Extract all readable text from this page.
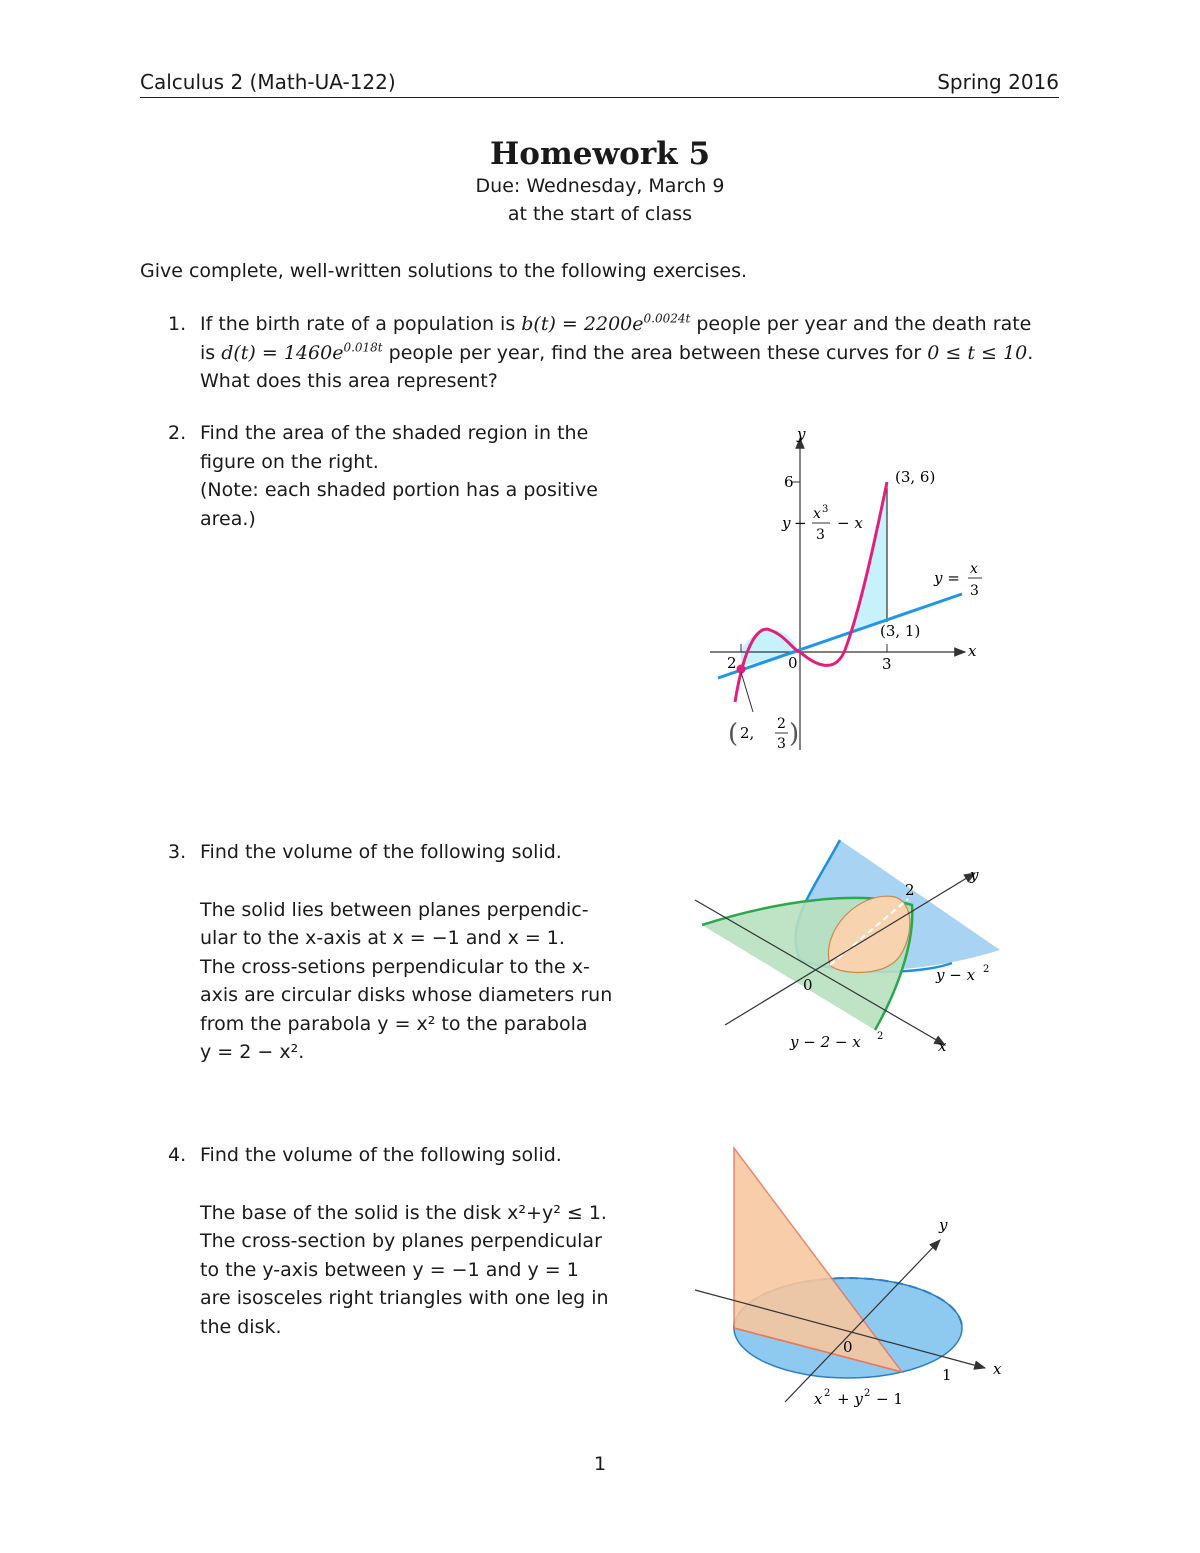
Calculus 2 (Math-UA-122)	Spring 2016
Homework 5
Due: Wednesday, March 9
at the start of class
Give complete, well-written solutions to the following exercises.
1. If the birth rate of a population is $b(t) = 2200e^{0.0024t}$ people per year and the death rate
is $d(t) = 1460e^{0.018t}$ people per year, find the area between these curves for 0 ≤ t ≤ 10.
What does this area represent?
2. Find the area of the shaded region in the
figure on the right.
(Note: each shaded portion has a positive
area.)
y
x
6
3
2	0
(3, 6)
(3, 1)
y − x 3
3
− x
y = x
3
( 2, 2
3 )
3. Find the volume of the following solid.
The solid lies between planes perpendic-
ular to the x-axis at x = −1 and x = 1.
The cross-setions perpendicular to the x-
axis are circular disks whose diameters run
from the parabola y = x² to the parabola
y = 2 − x².
y
x
0
2
y − x 2
y − 2 − x 2
4. Find the volume of the following solid.
The base of the solid is the disk x²+y² ≤ 1.
The cross-section by planes perpendicular
to the y-axis between y = −1 and y = 1
are isosceles right triangles with one leg in
the disk.
y
x
0
1
x 2 + y 2 − 1
1
